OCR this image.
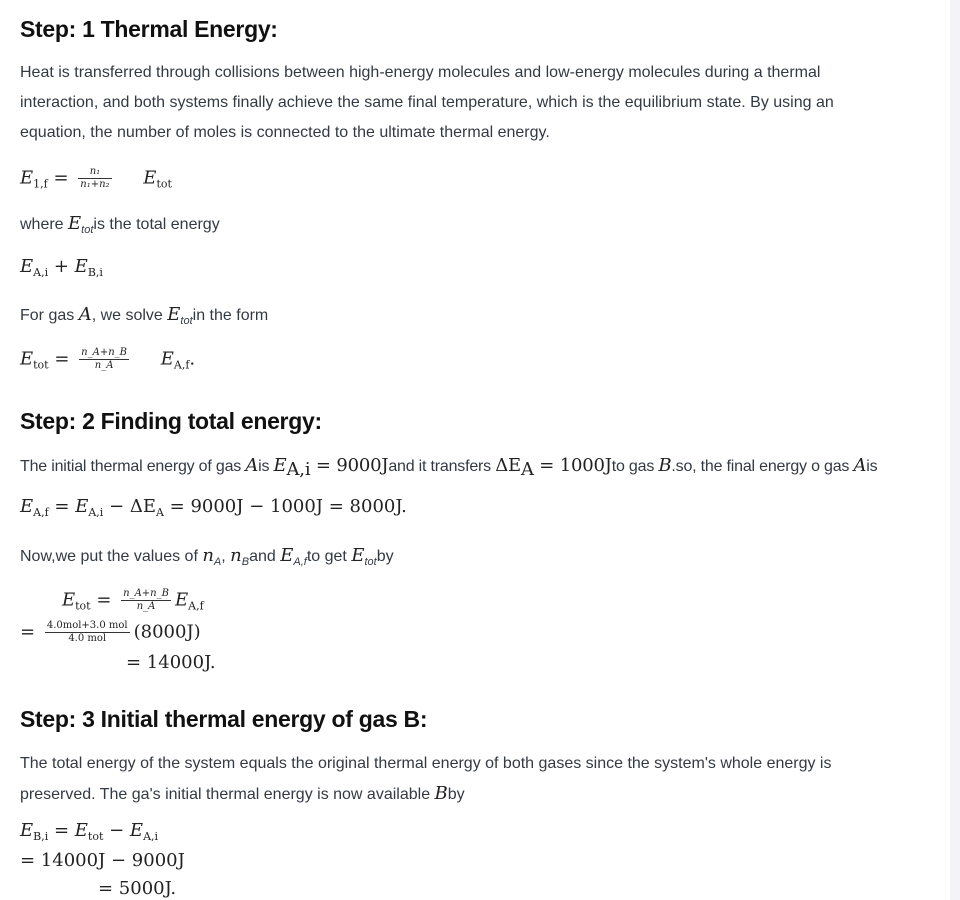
Step: 1 Thermal Energy:
Heat is transferred through collisions between high-energy molecules and low-energy molecules during a thermal
interaction, and both systems finally achieve the same final temperature, which is the equilibrium state. By using an
equation, the number of moles is connected to the ultimate thermal energy.
$E_{1,f} = \frac{\text{n₁}}{\text{n₁+n₂}} E_{tot}$
where $E_{tot}is$ the total energy
$E_{A,i} + E_{B,i}$
For gas A, we solve $E_{tot}in$ the form
$E_{tot} = \frac{n\_A+n\_B}{n\_A} E_{A,f}$.
Step: 2 Finding total energy:
The initial thermal energy of gas Ais $E_{A,i}$ = 9000Jand it transfers $\Delta E_A = 1000Jto$ gas B.so, the final energy o gas Ais
$E_{A,f} = E_{A,i} - \Delta E_A = 9000J - 1000J = 8000J$.
Now,we put the values of $n_A$, $n_Band$ $E_{A,f}to$ get $E_{tot}by$
$E_{tot} = \frac{n\_A+n\_B}{n\_A} E_{A,f}$
= $\frac{\text{4.0mol+3.0 mol}}{\text{4.0 mol}} (8000J)$
= 14000J.
Step: 3 Initial thermal energy of gas B:
The total energy of the system equals the original thermal energy of both gases since the system's whole energy is
preserved. The ga's initial thermal energy is now available Bby
$E_{B,i} = E_{tot} - E_{A,i}$
= 14000J − 9000J
= 5000J.
